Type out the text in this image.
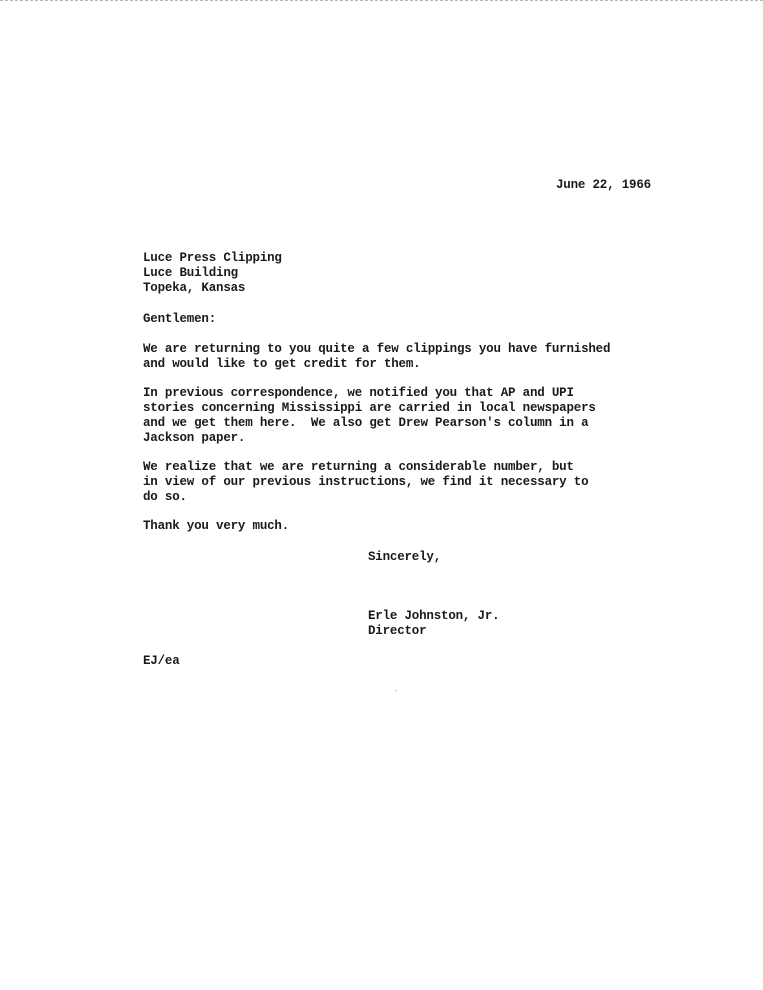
June 22, 1966
Luce Press Clipping
Luce Building
Topeka, Kansas
Gentlemen:
We are returning to you quite a few clippings you have furnished
and would like to get credit for them.
In previous correspondence, we notified you that AP and UPI
stories concerning Mississippi are carried in local newspapers
and we get them here.  We also get Drew Pearson's column in a
Jackson paper.
We realize that we are returning a considerable number, but
in view of our previous instructions, we find it necessary to
do so.
Thank you very much.
Sincerely,
Erle Johnston, Jr.
Director
EJ/ea
